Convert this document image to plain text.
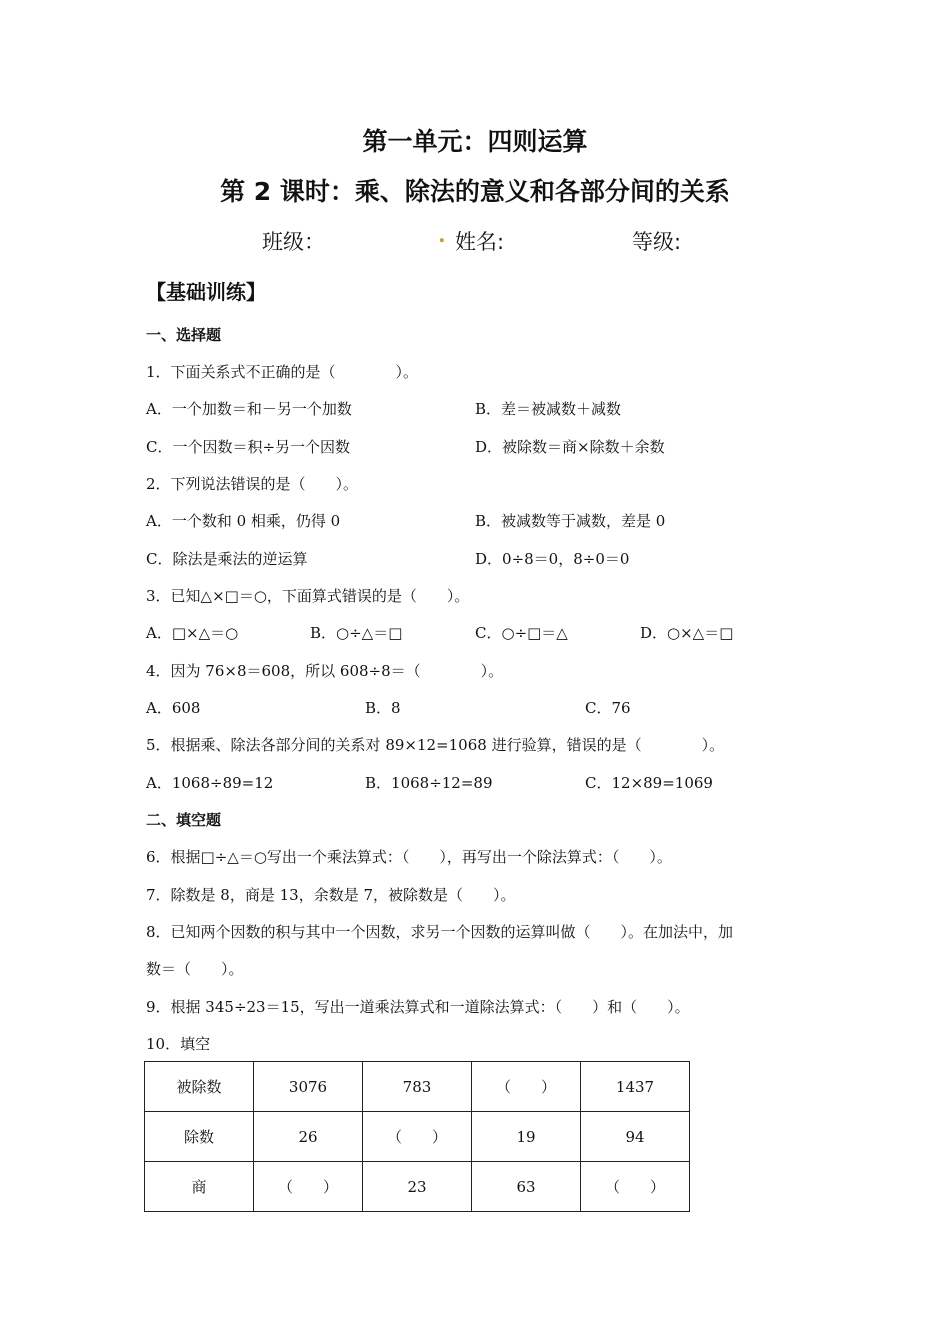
第一单元：四则运算
第 2 课时：乘、除法的意义和各部分间的关系
班级：	. 姓名:	等级:
【基础训练】
一、选择题
1．下面关系式不正确的是（　　　　）。
A．一个加数＝和－另一个加数	B．差＝被减数＋减数
C．一个因数＝积÷另一个因数	D．被除数＝商×除数＋余数
2．下列说法错误的是（　　）。
A．一个数和 0 相乘，仍得 0	B．被减数等于减数，差是 0
C．除法是乘法的逆运算	D．0÷8＝0，8÷0＝0
3．已知△×□＝○，下面算式错误的是（　　）。
A．□×△＝○	B．○÷△＝□	C．○÷□＝△	D．○×△＝□
4．因为 76×8＝608，所以 608÷8＝（　　　　）。
A．608	B．8	C．76
5．根据乘、除法各部分间的关系对 89×12=1068 进行验算，错误的是（　　　　）。
A．1068÷89=12	B．1068÷12=89	C．12×89=1069
二、填空题
6．根据□÷△＝○写出一个乘法算式：（　　），再写出一个除法算式：（　　）。
7．除数是 8，商是 13，余数是 7，被除数是（　　）。
8．已知两个因数的积与其中一个因数，求另一个因数的运算叫做（　　）。在加法中，加
数＝（　　）。
9．根据 345÷23＝15，写出一道乘法算式和一道除法算式：（　　）和（　　）。
10．填空
被除数	3076	783	（　　）	1437
除数	26	（　　）	19	94
商	（　　）	23	63	（　　）
